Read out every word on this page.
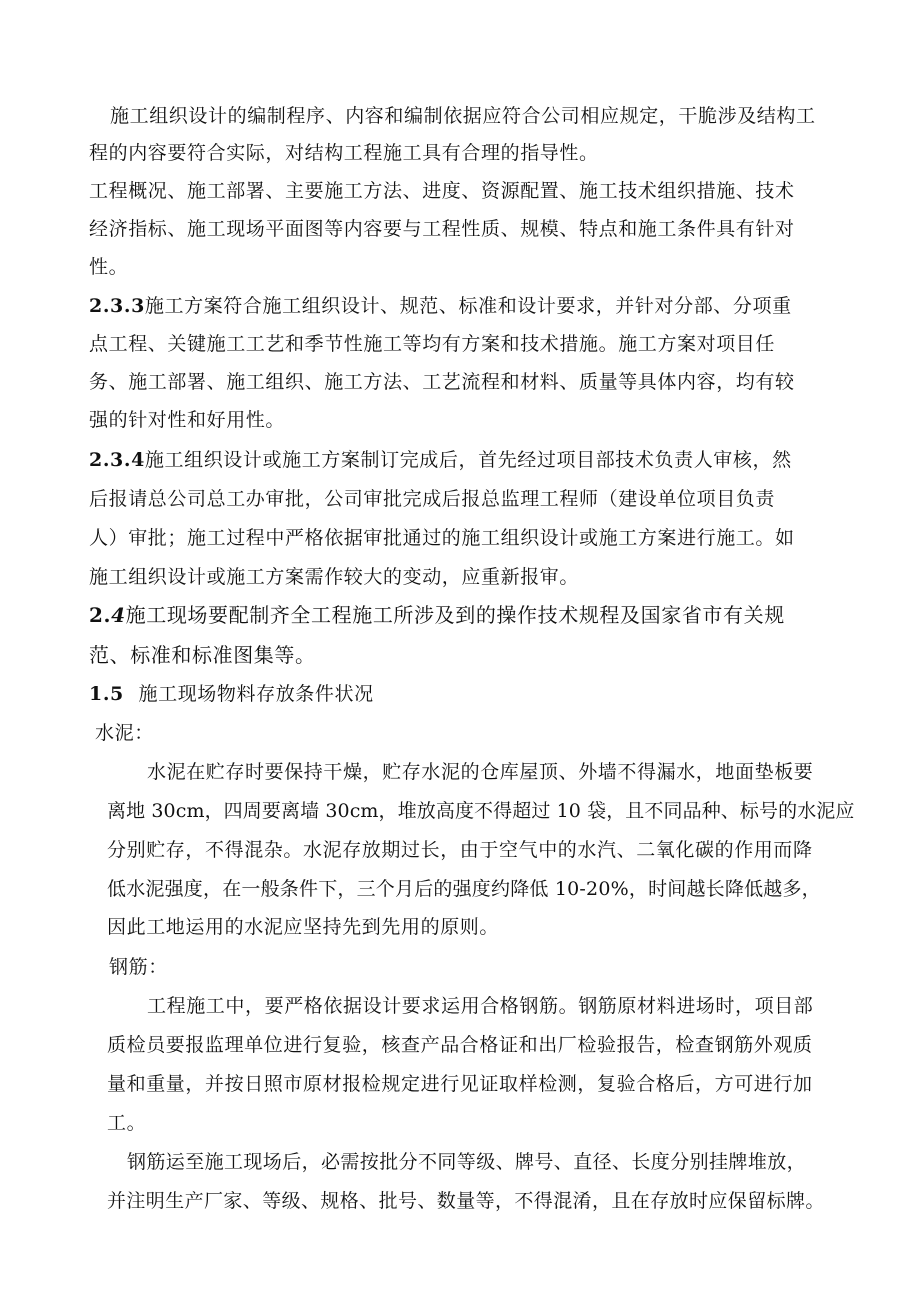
施工组织设计的编制程序、内容和编制依据应符合公司相应规定，干脆涉及结构工
程的内容要符合实际，对结构工程施工具有合理的指导性。
工程概况、施工部署、主要施工方法、进度、资源配置、施工技术组织措施、技术
经济指标、施工现场平面图等内容要与工程性质、规模、特点和施工条件具有针对
性。
2.3.3施工方案符合施工组织设计、规范、标准和设计要求，并针对分部、分项重
点工程、关键施工工艺和季节性施工等均有方案和技术措施。施工方案对项目任
务、施工部署、施工组织、施工方法、工艺流程和材料、质量等具体内容，均有较
强的针对性和好用性。
2.3.4施工组织设计或施工方案制订完成后，首先经过项目部技术负责人审核，然
后报请总公司总工办审批，公司审批完成后报总监理工程师（建设单位项目负责
人）审批；施工过程中严格依据审批通过的施工组织设计或施工方案进行施工。如
施工组织设计或施工方案需作较大的变动，应重新报审。
2.4施工现场要配制齐全工程施工所涉及到的操作技术规程及国家省市有关规
范、标准和标准图集等。
1.5 施工现场物料存放条件状况
水泥：
水泥在贮存时要保持干燥，贮存水泥的仓库屋顶、外墙不得漏水，地面垫板要
离地 30cm，四周要离墙 30cm，堆放高度不得超过 10 袋，且不同品种、标号的水泥应
分别贮存，不得混杂。水泥存放期过长，由于空气中的水汽、二氧化碳的作用而降
低水泥强度，在一般条件下，三个月后的强度约降低 10-20%，时间越长降低越多，
因此工地运用的水泥应坚持先到先用的原则。
钢筋：
工程施工中，要严格依据设计要求运用合格钢筋。钢筋原材料进场时，项目部
质检员要报监理单位进行复验，核查产品合格证和出厂检验报告，检查钢筋外观质
量和重量，并按日照市原材报检规定进行见证取样检测，复验合格后，方可进行加
工。
钢筋运至施工现场后，必需按批分不同等级、牌号、直径、长度分别挂牌堆放，
并注明生产厂家、等级、规格、批号、数量等，不得混淆，且在存放时应保留标牌。
